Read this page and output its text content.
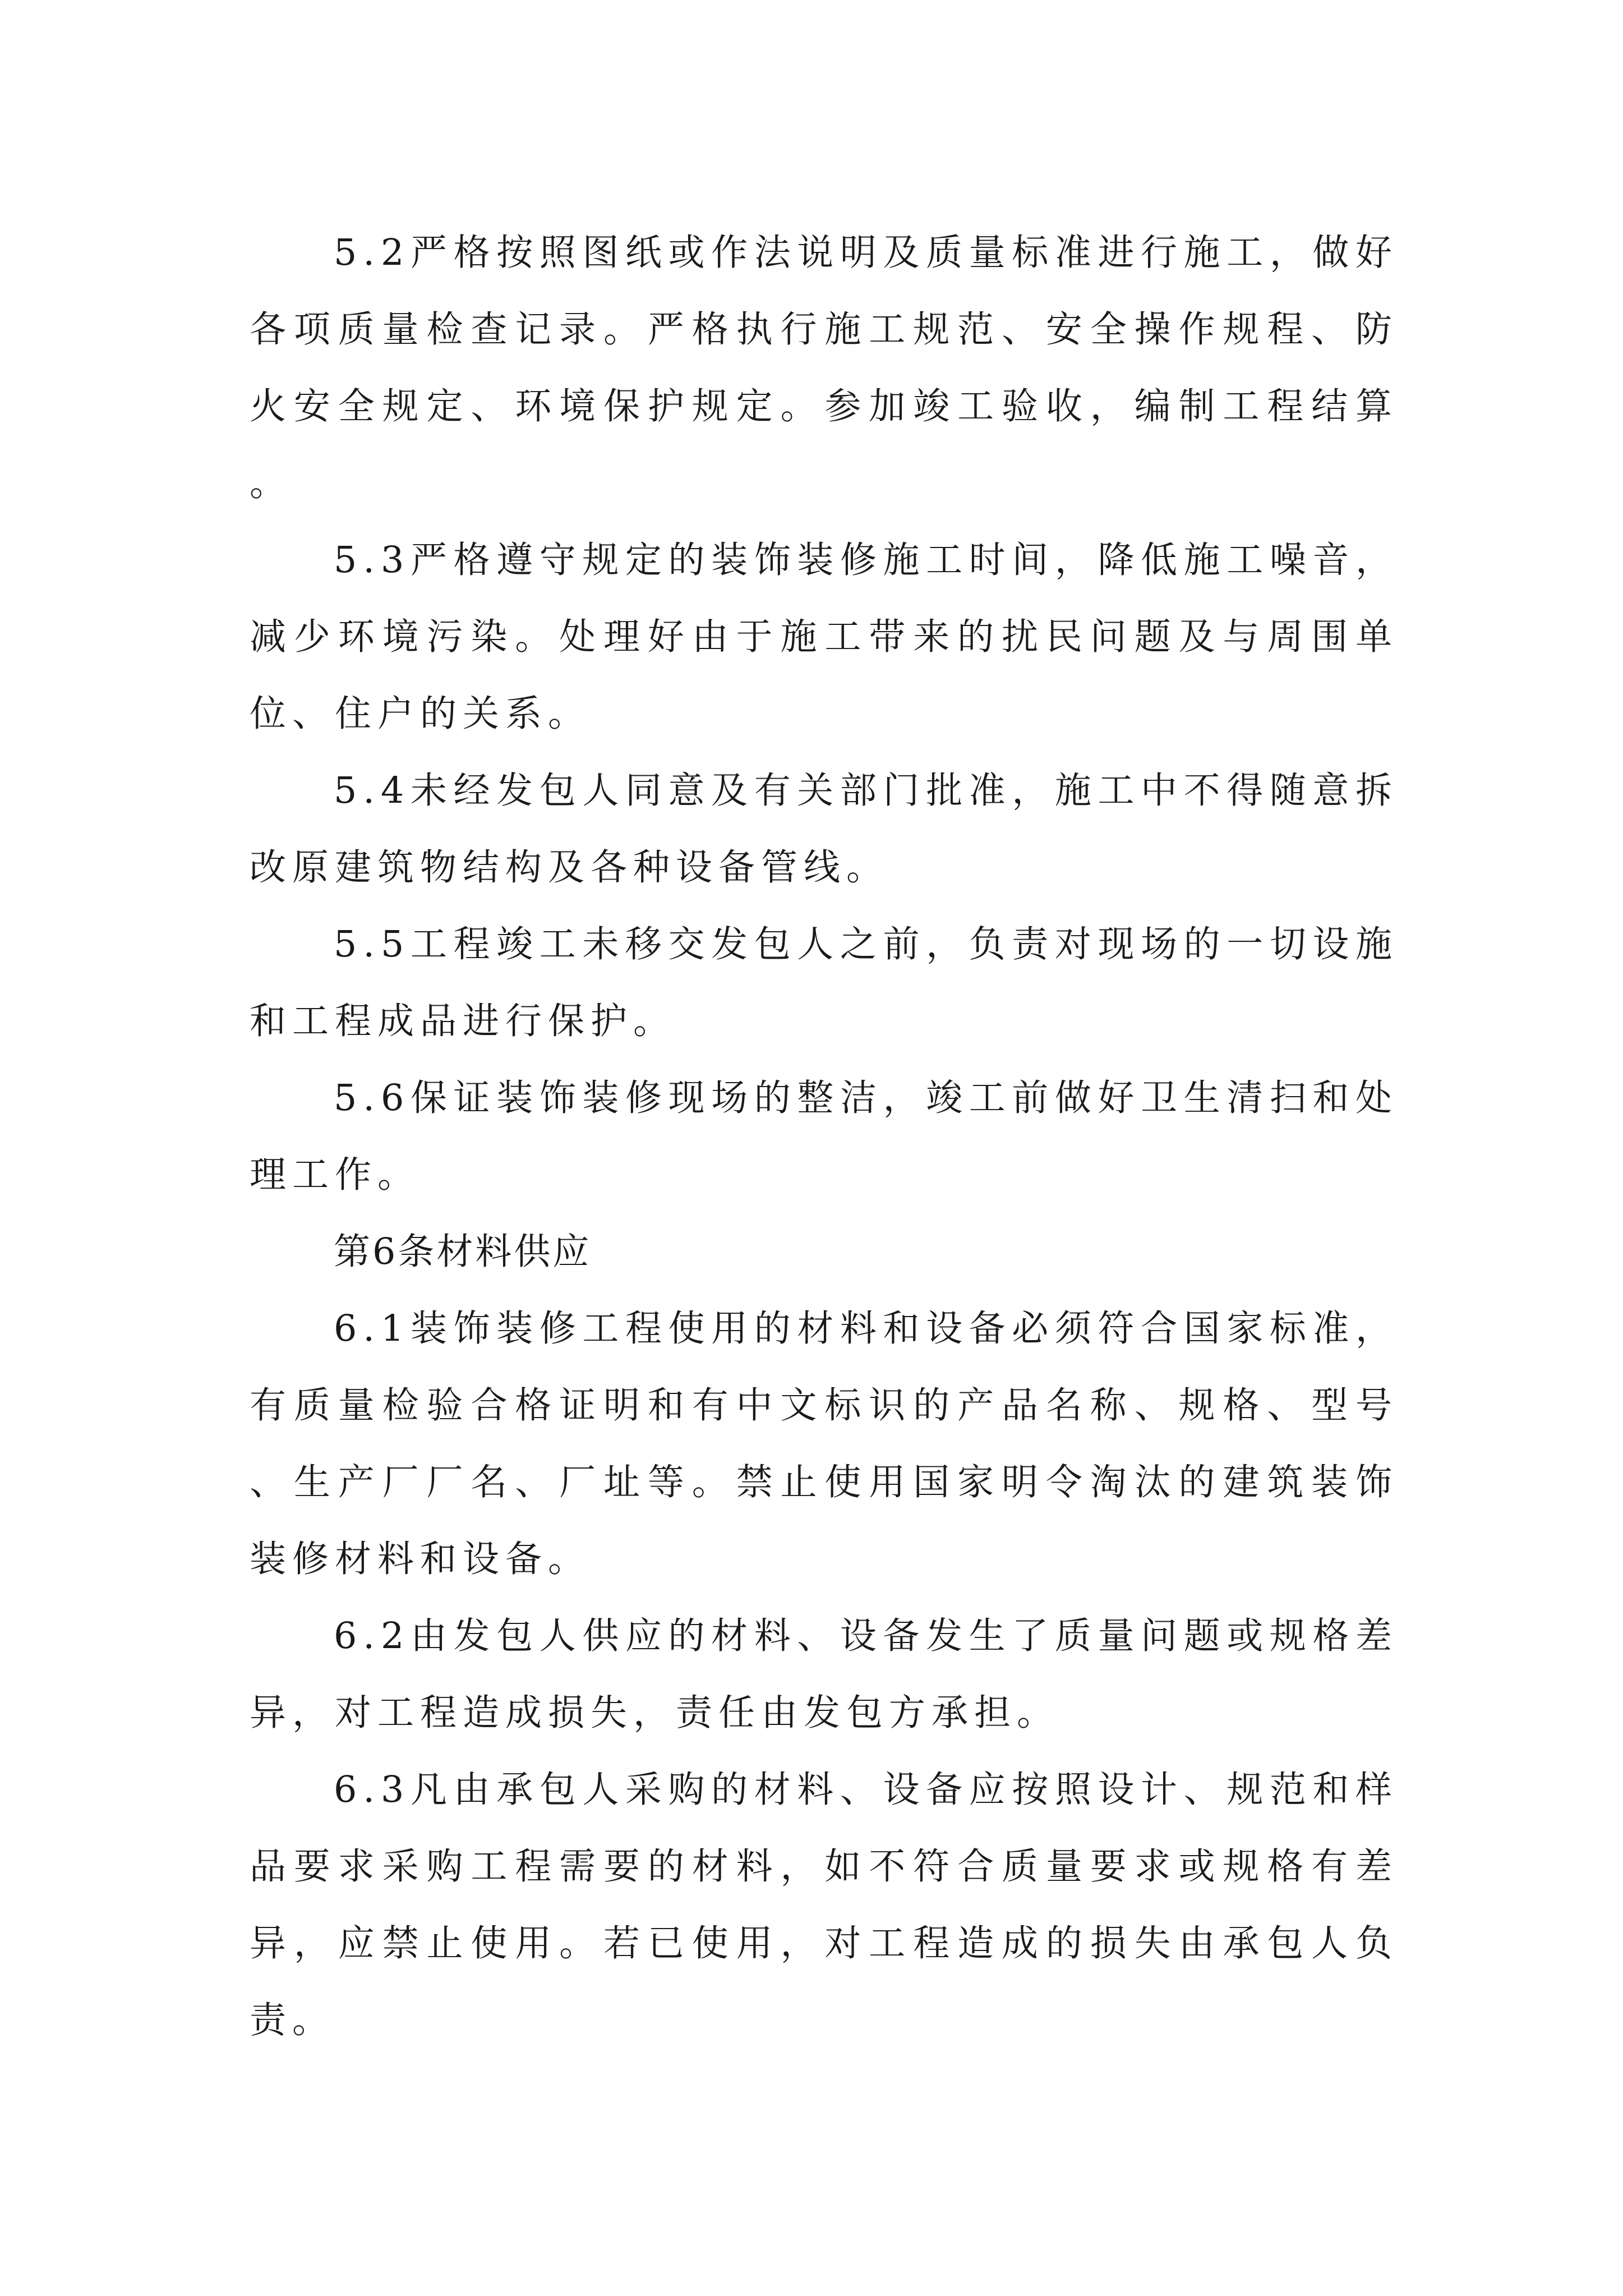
5.2严格按照图纸或作法说明及质量标准进行施工，做好各项质量检查记录。严格执行施工规范、安全操作规程、防火安全规定、环境保护规定。参加竣工验收，编制工程结算。

5.3严格遵守规定的装饰装修施工时间，降低施工噪音，减少环境污染。处理好由于施工带来的扰民问题及与周围单位、住户的关系。

5.4未经发包人同意及有关部门批准，施工中不得随意拆改原建筑物结构及各种设备管线。

5.5工程竣工未移交发包人之前，负责对现场的一切设施和工程成品进行保护。

5.6保证装饰装修现场的整洁，竣工前做好卫生清扫和处理工作。

第6条材料供应

6.1装饰装修工程使用的材料和设备必须符合国家标准，有质量检验合格证明和有中文标识的产品名称、规格、型号、生产厂厂名、厂址等。禁止使用国家明令淘汰的建筑装饰装修材料和设备。

6.2由发包人供应的材料、设备发生了质量问题或规格差异，对工程造成损失，责任由发包方承担。

6.3凡由承包人采购的材料、设备应按照设计、规范和样品要求采购工程需要的材料，如不符合质量要求或规格有差异，应禁止使用。若已使用，对工程造成的损失由承包人负责。
